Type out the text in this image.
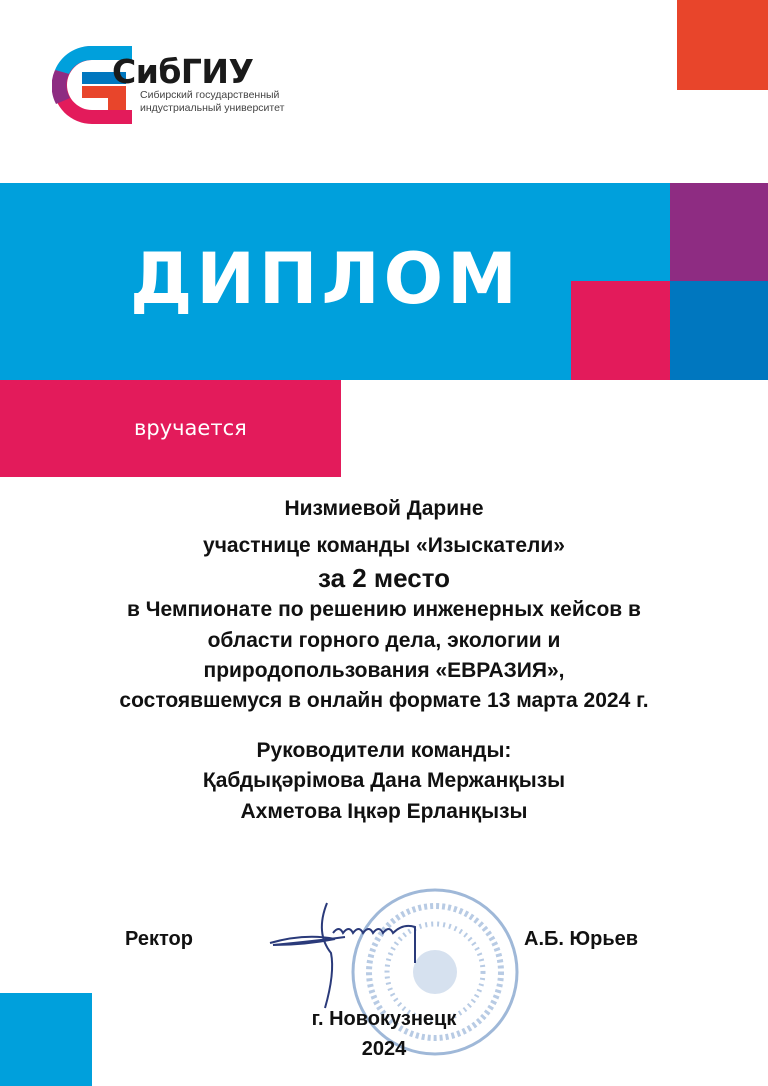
СибГИУ
Сибирский государственный
индустриальный университет
ДИПЛОМ
вручается
Низмиевой Дарине
участнице команды «Изыскатели»
за 2 место
в Чемпионате по решению инженерных кейсов в
области горного дела, экологии и
природопользования «ЕВРАЗИЯ»,
состоявшемуся в онлайн формате 13 марта 2024 г.
Руководители команды:
Қабдықәрімова Дана Мержанқызы
Ахметова Іңкәр Ерланқызы
Ректор	А.Б. Юрьев
г. Новокузнецк
2024
